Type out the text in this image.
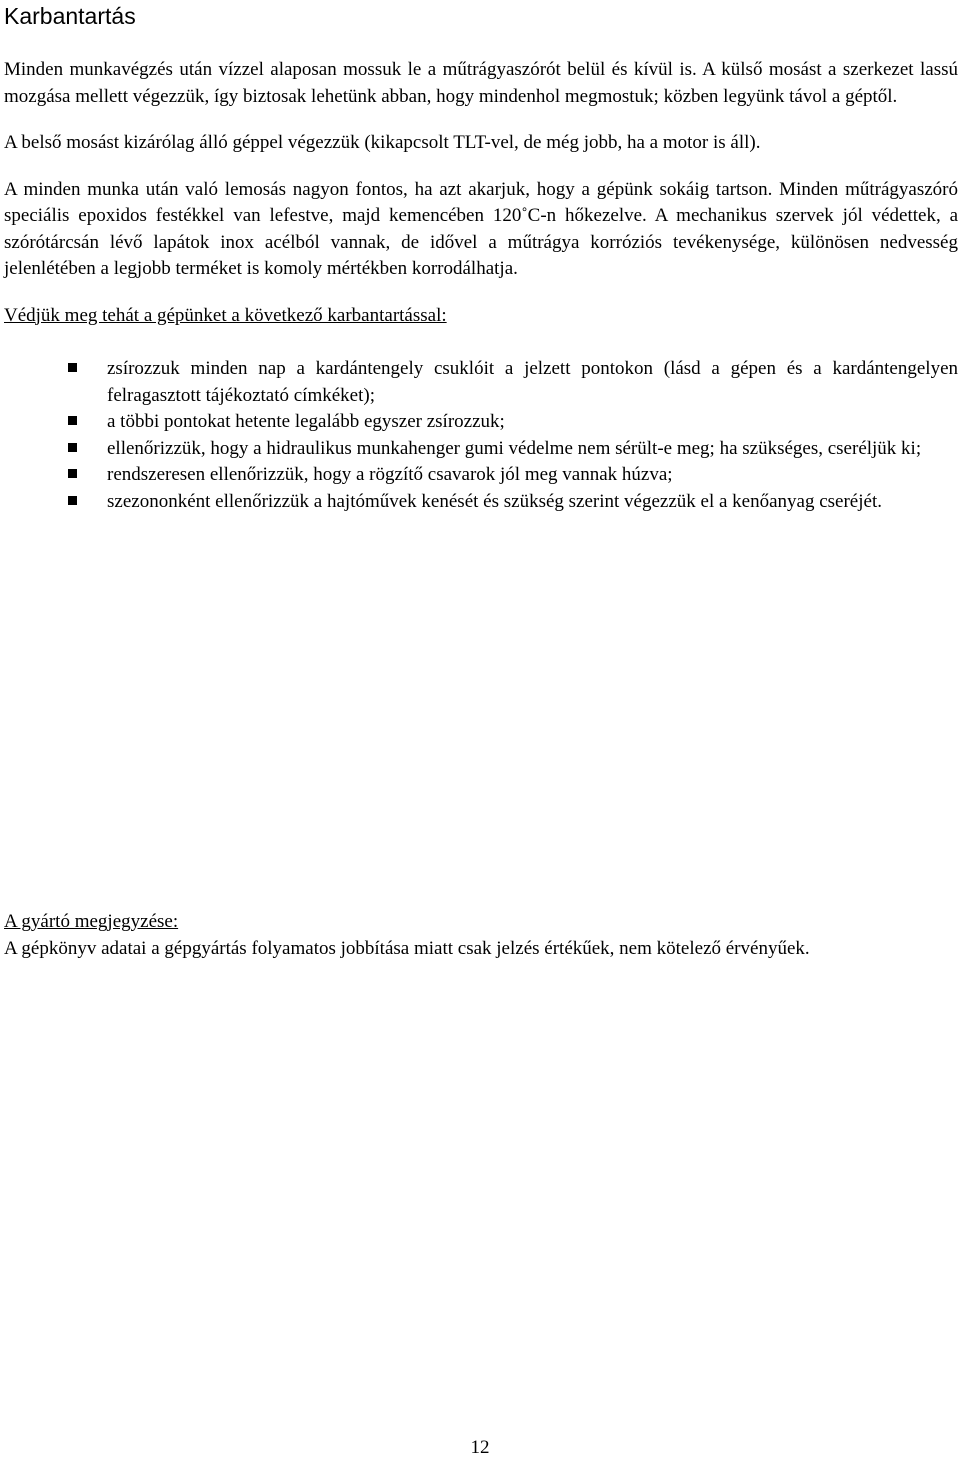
Karbantartás

Minden munkavégzés után vízzel alaposan mossuk le a műtrágyaszórót belül és kívül is. A külső mosást a szerkezet lassú mozgása mellett végezzük, így biztosak lehetünk abban, hogy mindenhol megmostuk; közben legyünk távol a géptől.

A belső mosást kizárólag álló géppel végezzük (kikapcsolt TLT-vel, de még jobb, ha a motor is áll).

A minden munka után való lemosás nagyon fontos, ha azt akarjuk, hogy a gépünk sokáig tartson. Minden műtrágyaszóró speciális epoxidos festékkel van lefestve, majd kemencében 120˚C-n hőkezelve. A mechanikus szervek jól védettek, a szórótárcsán lévő lapátok inox acélból vannak, de idővel a műtrágya korróziós tevékenysége, különösen nedvesség jelenlétében a legjobb terméket is komoly mértékben korrodálhatja.

Védjük meg tehát a gépünket a következő karbantartással:

zsírozzuk minden nap a kardántengely csuklóit a jelzett pontokon (lásd a gépen és a kardántengelyen felragasztott tájékoztató címkéket);
a többi pontokat hetente legalább egyszer zsírozzuk;
ellenőrizzük, hogy a hidraulikus munkahenger gumi védelme nem sérült-e meg; ha szükséges, cseréljük ki;
rendszeresen ellenőrizzük, hogy a rögzítő csavarok jól meg vannak húzva;
szezononként ellenőrizzük a hajtóművek kenését és szükség szerint végezzük el a kenőanyag cseréjét.

A gyártó megjegyzése:

A gépkönyv adatai a gépgyártás folyamatos jobbítása miatt csak jelzés értékűek, nem kötelező érvényűek.

12
